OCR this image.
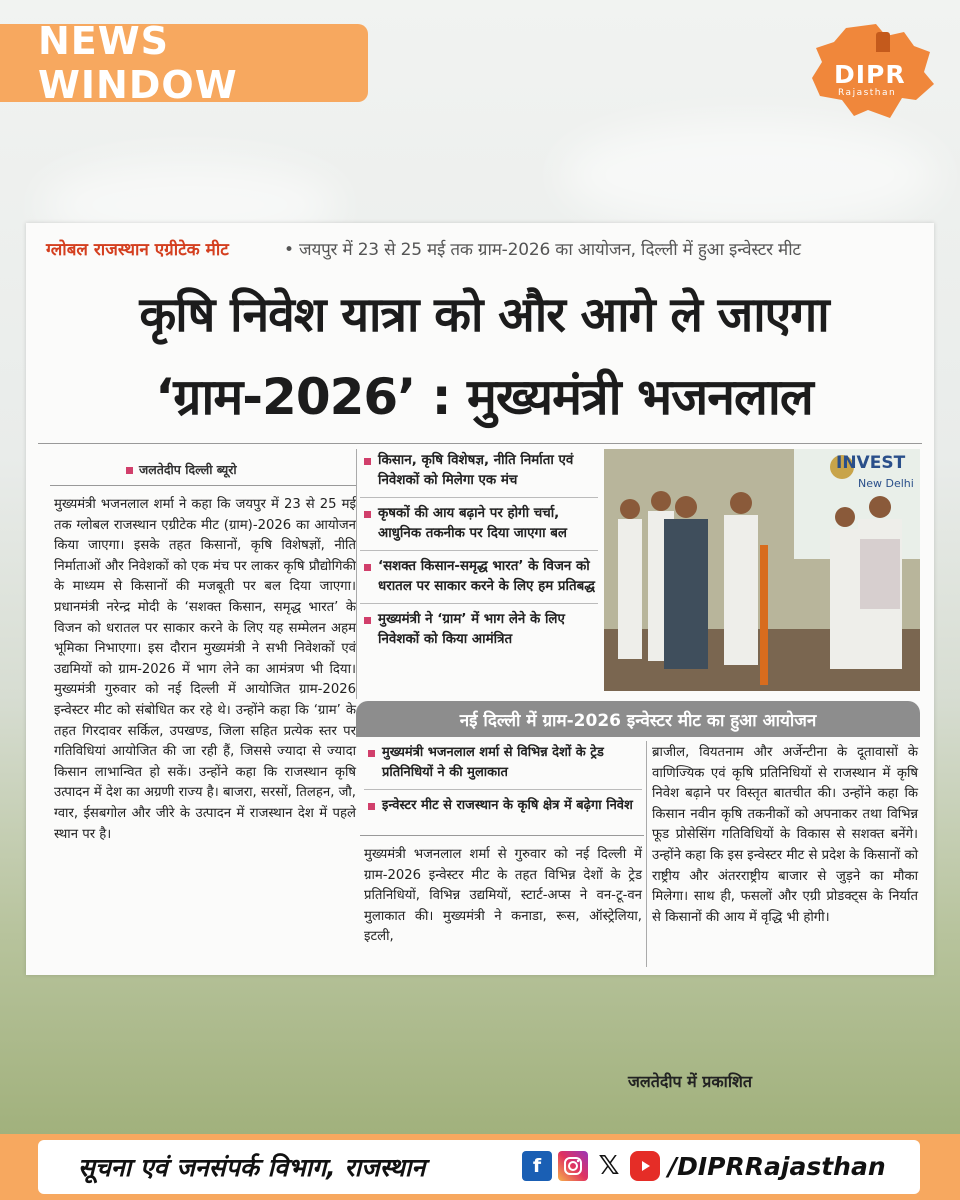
NEWS WINDOW	DIPR
Rajasthan
ग्लोबल राजस्थान एग्रीटेक मीट	• जयपुर में 23 से 25 मई तक ग्राम-2026 का आयोजन, दिल्ली में हुआ इन्वेस्टर मीट
कृषि निवेश यात्रा को और आगे ले जाएगा
‘ग्राम-2026’ : मुख्यमंत्री भजनलाल
जलतेदीप दिल्ली ब्यूरो
मुख्यमंत्री भजनलाल शर्मा ने कहा कि जयपुर में 23 से 25 मई तक ग्लोबल राजस्थान एग्रीटेक मीट (ग्राम)-2026 का आयोजन किया जाएगा। इसके तहत किसानों, कृषि विशेषज्ञों, नीति निर्माताओं और निवेशकों को एक मंच पर लाकर कृषि प्रौद्योगिकी के माध्यम से किसानों की मजबूती पर बल दिया जाएगा। प्रधानमंत्री नरेन्द्र मोदी के ‘सशक्त किसान, समृद्ध भारत’ के विजन को धरातल पर साकार करने के लिए यह सम्मेलन अहम भूमिका निभाएगा। इस दौरान मुख्यमंत्री ने सभी निवेशकों एवं उद्यमियों को ग्राम-2026 में भाग लेने का आमंत्रण भी दिया। मुख्यमंत्री गुरुवार को नई दिल्ली में आयोजित ग्राम-2026 इन्वेस्टर मीट को संबोधित कर रहे थे। उन्होंने कहा कि ‘ग्राम’ के तहत गिरदावर सर्किल, उपखण्ड, जिला सहित प्रत्येक स्तर पर गतिविधियां आयोजित की जा रही हैं, जिससे ज्यादा से ज्यादा किसान लाभान्वित हो सकें। उन्होंने कहा कि राजस्थान कृषि उत्पादन में देश का अग्रणी राज्य है। बाजरा, सरसों, तिलहन, जौ, ग्वार, ईसबगोल और जीरे के उत्पादन में राजस्थान देश में पहले स्थान पर है।
किसान, कृषि विशेषज्ञ, नीति निर्माता एवं निवेशकों को मिलेगा एक मंच
कृषकों की आय बढ़ाने पर होगी चर्चा, आधुनिक तकनीक पर दिया जाएगा बल
‘सशक्त किसान-समृद्ध भारत’ के विजन को धरातल पर साकार करने के लिए हम प्रतिबद्ध
मुख्यमंत्री ने ‘ग्राम’ में भाग लेने के लिए निवेशकों को किया आमंत्रित
INVEST
New Delhi
नई दिल्ली में ग्राम-2026 इन्वेस्टर मीट का हुआ आयोजन
मुख्यमंत्री भजनलाल शर्मा से विभिन्न देशों के ट्रेड प्रतिनिधियों ने की मुलाकात
इन्वेस्टर मीट से राजस्थान के कृषि क्षेत्र में बढ़ेगा निवेश
मुख्यमंत्री भजनलाल शर्मा से गुरुवार को नई दिल्ली में ग्राम-2026 इन्वेस्टर मीट के तहत विभिन्न देशों के ट्रेड प्रतिनिधियों, विभिन्न उद्यमियों, स्टार्ट-अप्स ने वन-टू-वन मुलाकात की। मुख्यमंत्री ने कनाडा, रूस, ऑस्ट्रेलिया, इटली,
ब्राजील, वियतनाम और अर्जेन्टीना के दूतावासों के वाणिज्यिक एवं कृषि प्रतिनिधियों से राजस्थान में कृषि निवेश बढ़ाने पर विस्तृत बातचीत की। उन्होंने कहा कि किसान नवीन कृषि तकनीकों को अपनाकर तथा विभिन्न फूड प्रोसेसिंग गतिविधियों के विकास से सशक्त बनेंगे। उन्होंने कहा कि इस इन्वेस्टर मीट से प्रदेश के किसानों को राष्ट्रीय और अंतरराष्ट्रीय बाजार से जुड़ने का मौका मिलेगा। साथ ही, फसलों और एग्री प्रोडक्ट्स के निर्यात से किसानों की आय में वृद्धि भी होगी।
जलतेदीप में प्रकाशित
सूचना एवं जनसंपर्क विभाग, राजस्थान	f	𝕏 /DIPRRajasthan
